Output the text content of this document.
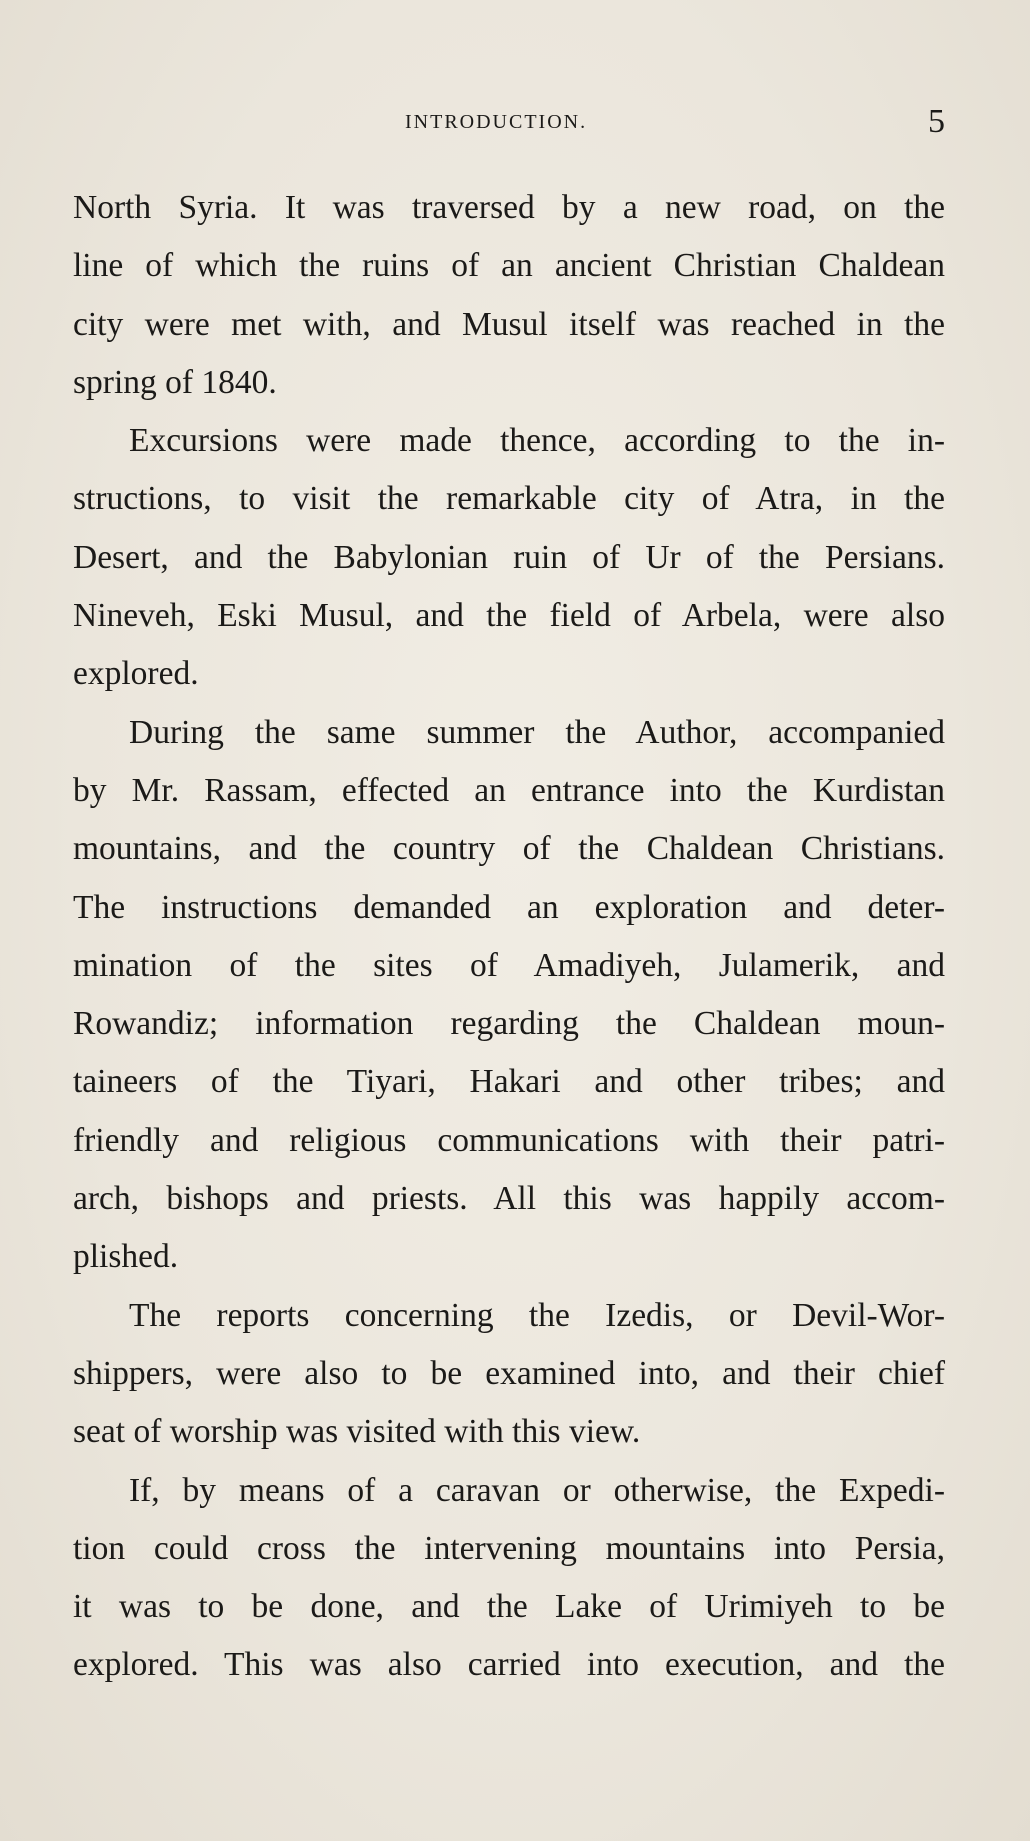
INTRODUCTION.	5
North Syria. It was traversed by a new road, on the
line of which the ruins of an ancient Christian Chaldean
city were met with, and Musul itself was reached in the
spring of 1840.
Excursions were made thence, according to the in-
structions, to visit the remarkable city of Atra, in the
Desert, and the Babylonian ruin of Ur of the Persians.
Nineveh, Eski Musul, and the field of Arbela, were also
explored.
During the same summer the Author, accompanied
by Mr. Rassam, effected an entrance into the Kurdistan
mountains, and the country of the Chaldean Christians.
The instructions demanded an exploration and deter-
mination of the sites of Amadiyeh, Julamerik, and
Rowandiz; information regarding the Chaldean moun-
taineers of the Tiyari, Hakari and other tribes; and
friendly and religious communications with their patri-
arch, bishops and priests. All this was happily accom-
plished.
The reports concerning the Izedis, or Devil-Wor-
shippers, were also to be examined into, and their chief
seat of worship was visited with this view.
If, by means of a caravan or otherwise, the Expedi-
tion could cross the intervening mountains into Persia,
it was to be done, and the Lake of Urimiyeh to be
explored. This was also carried into execution, and the
